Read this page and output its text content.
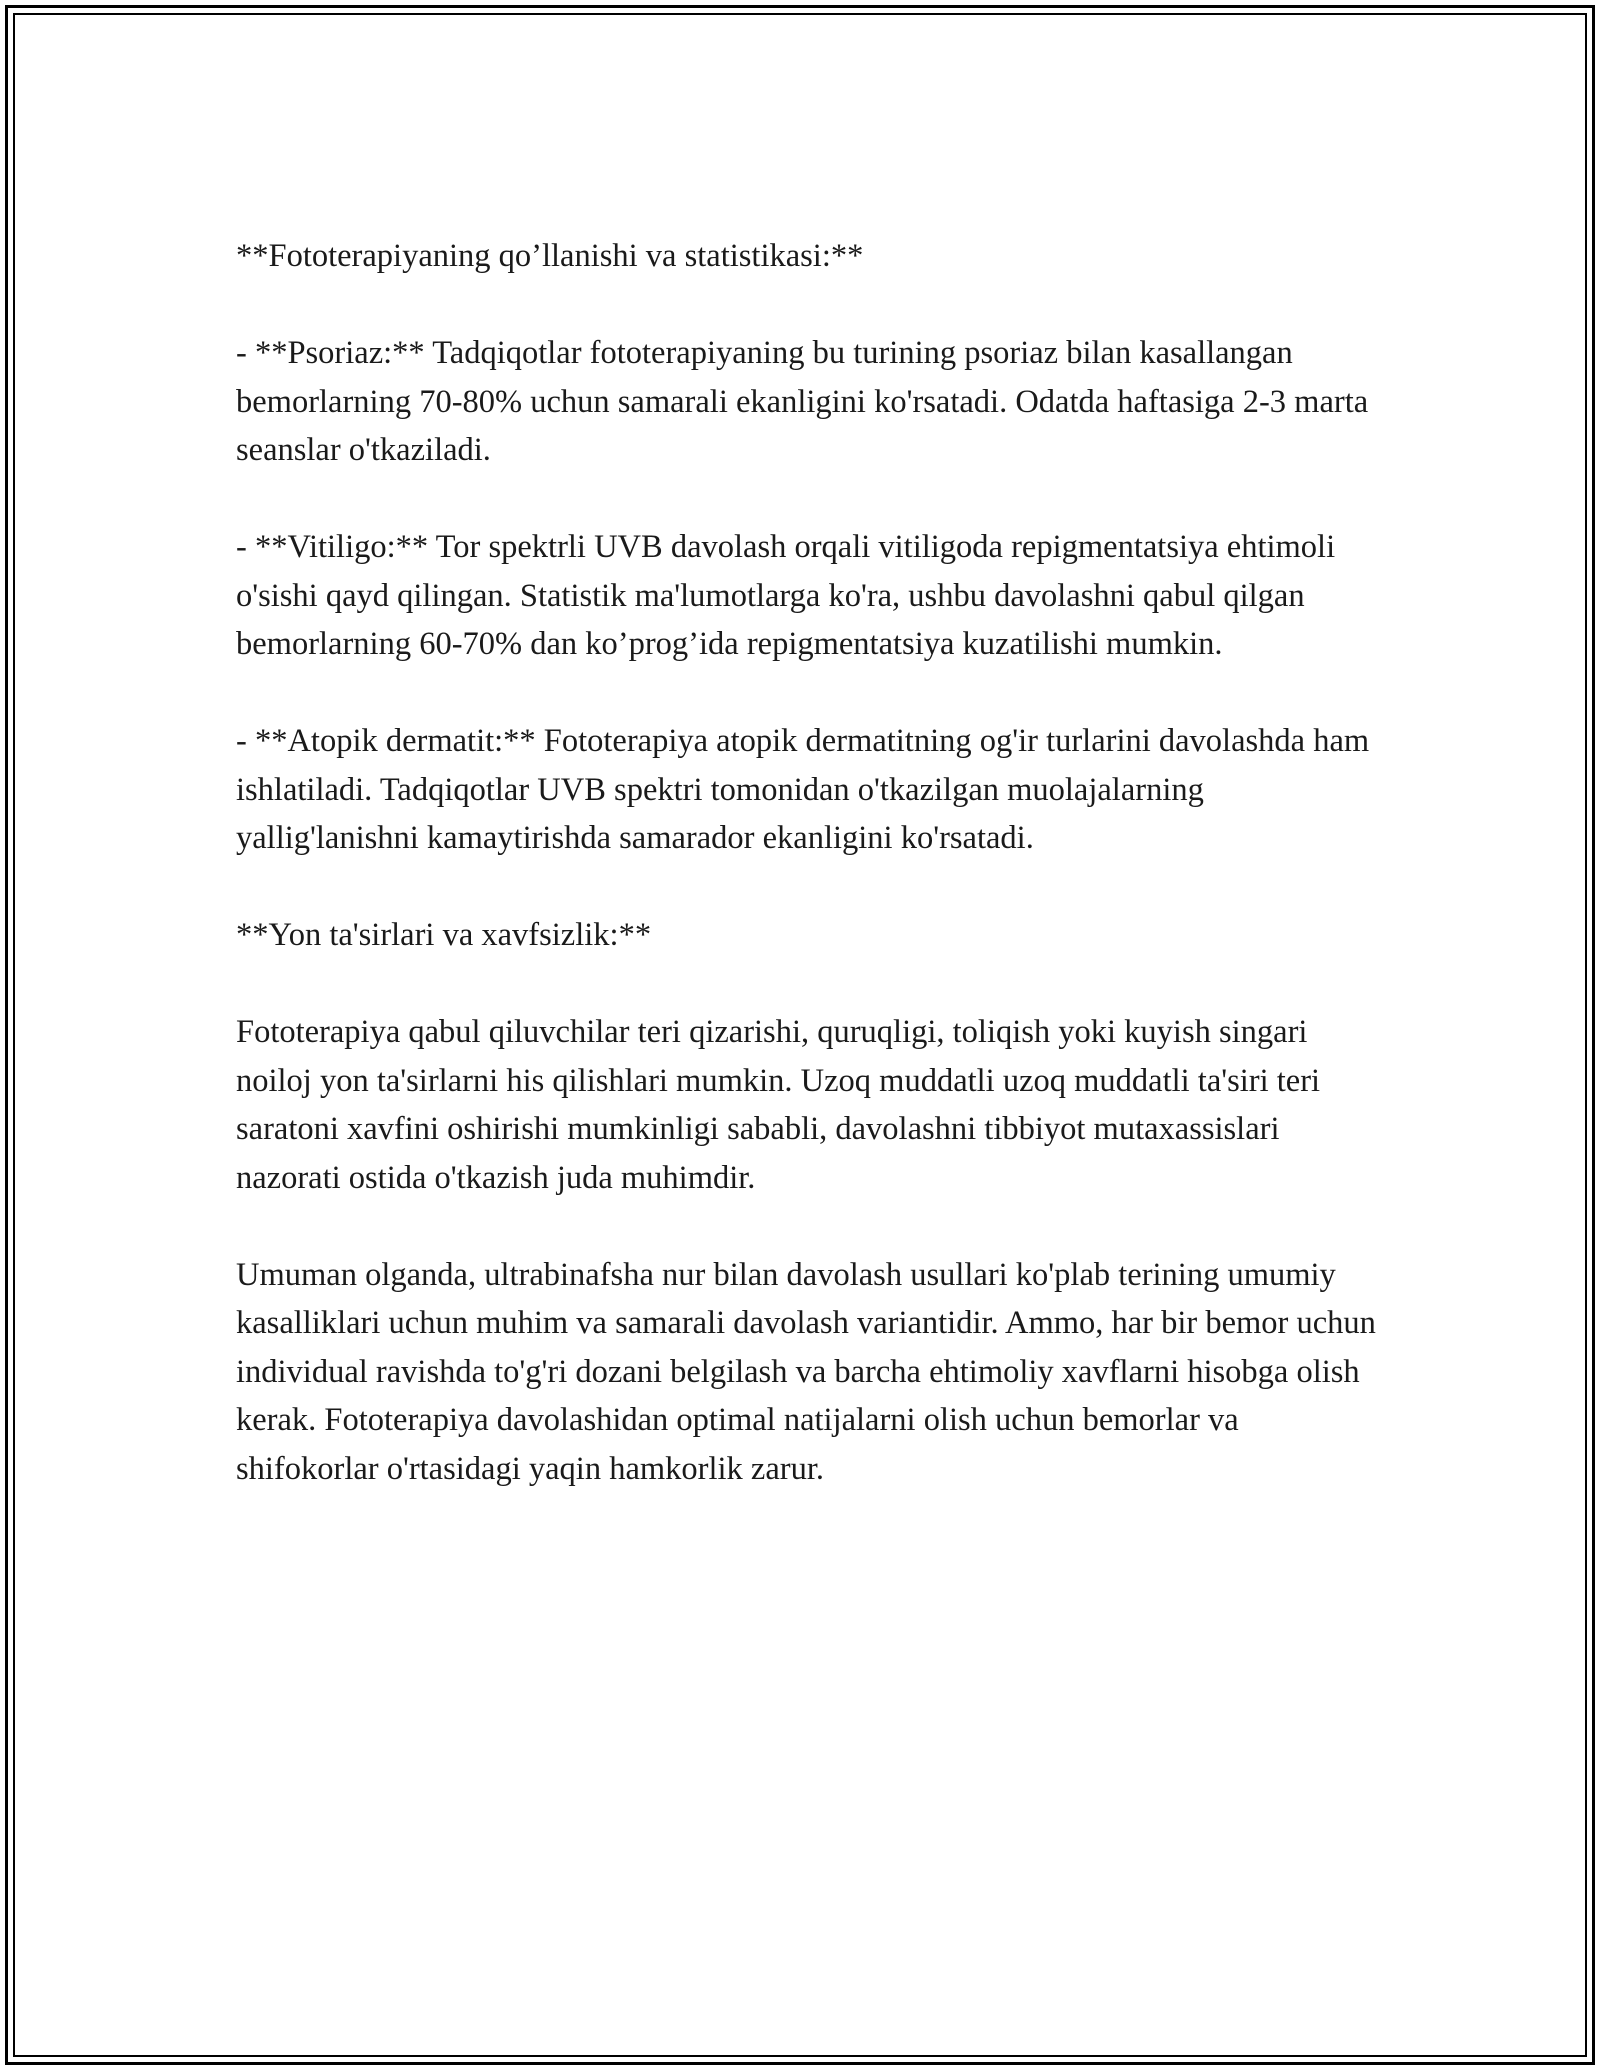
**Fototerapiyaning qo’llanishi va statistikasi:**

- **Psoriaz:** Tadqiqotlar fototerapiyaning bu turining psoriaz bilan kasallangan bemorlarning 70-80% uchun samarali ekanligini ko'rsatadi. Odatda haftasiga 2-3 marta seanslar o'tkaziladi.

- **Vitiligo:** Tor spektrli UVB davolash orqali vitiligoda repigmentatsiya ehtimoli o'sishi qayd qilingan. Statistik ma'lumotlarga ko'ra, ushbu davolashni qabul qilgan bemorlarning 60-70% dan ko’prog’ida repigmentatsiya kuzatilishi mumkin.

- **Atopik dermatit:** Fototerapiya atopik dermatitning og'ir turlarini davolashda ham ishlatiladi. Tadqiqotlar UVB spektri tomonidan o'tkazilgan muolajalarning yallig'lanishni kamaytirishda samarador ekanligini ko'rsatadi.

**Yon ta'sirlari va xavfsizlik:**

Fototerapiya qabul qiluvchilar teri qizarishi, quruqligi, toliqish yoki kuyish singari noiloj yon ta'sirlarni his qilishlari mumkin. Uzoq muddatli uzoq muddatli ta'siri teri saratoni xavfini oshirishi mumkinligi sababli, davolashni tibbiyot mutaxassislari nazorati ostida o'tkazish juda muhimdir.

Umuman olganda, ultrabinafsha nur bilan davolash usullari ko'plab terining umumiy kasalliklari uchun muhim va samarali davolash variantidir. Ammo, har bir bemor uchun individual ravishda to'g'ri dozani belgilash va barcha ehtimoliy xavflarni hisobga olish kerak. Fototerapiya davolashidan optimal natijalarni olish uchun bemorlar va shifokorlar o'rtasidagi yaqin hamkorlik zarur.
